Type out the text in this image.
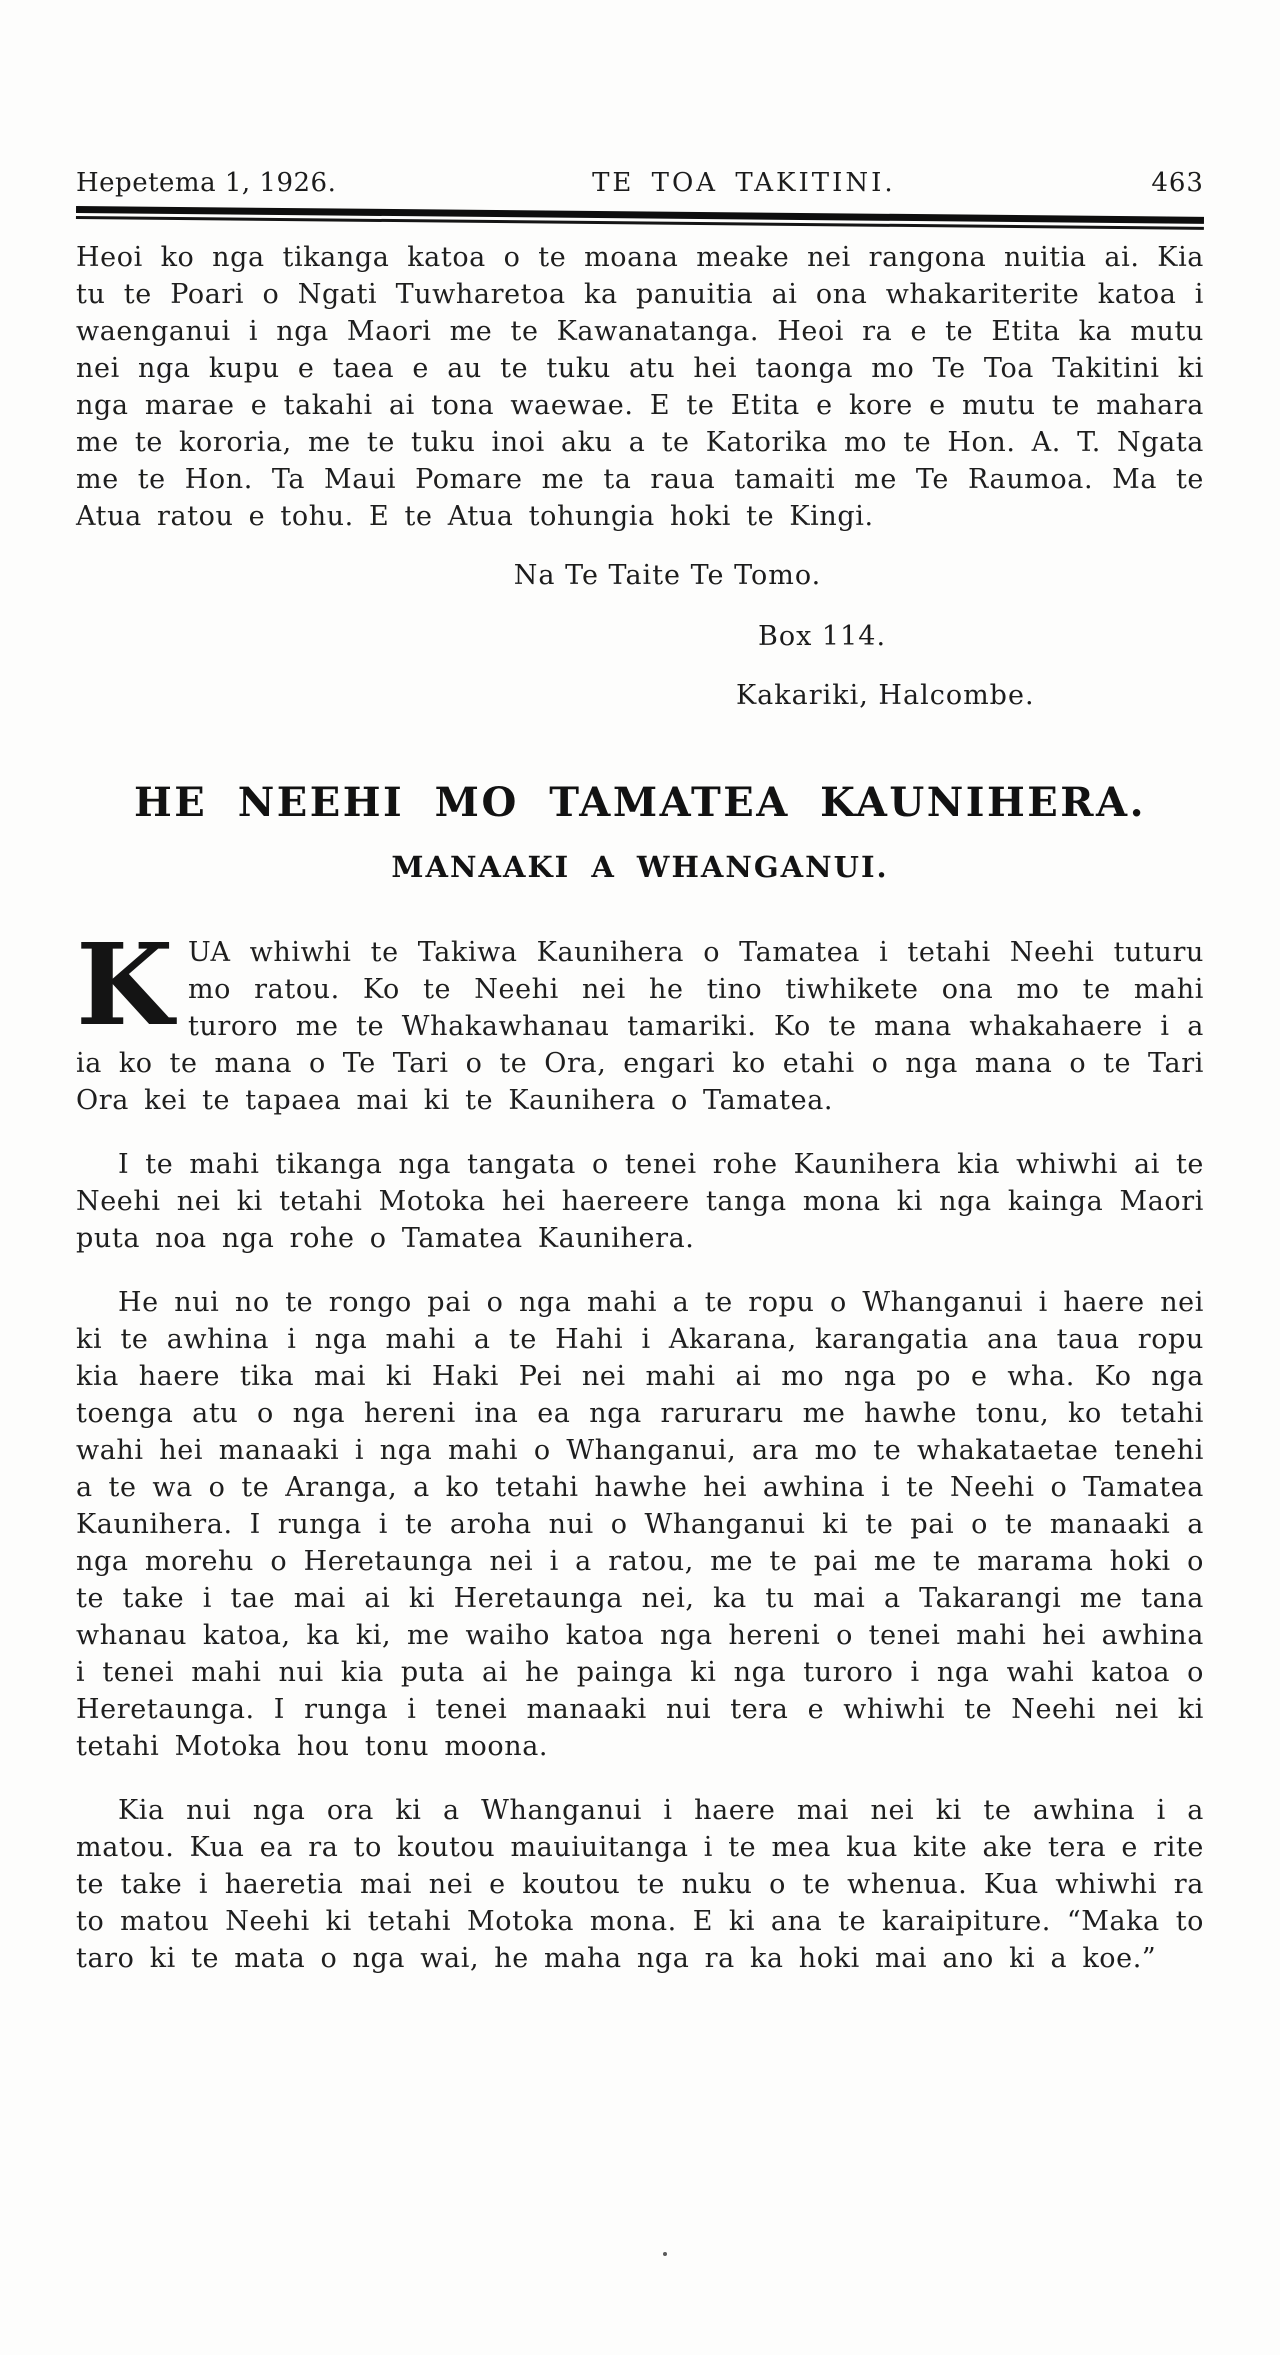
Hepetema 1, 1926.	TE TOA TAKITINI.	463

Heoi ko nga tikanga katoa o te moana meake nei rangona nuitia ai. Kia tu te Poari o Ngati Tuwharetoa ka panuitia ai ona whakariterite katoa i waenganui i nga Maori me te Kawanatanga. Heoi ra e te Etita ka mutu nei nga kupu e taea e au te tuku atu hei taonga mo Te Toa Takitini ki nga marae e takahi ai tona waewae. E te Etita e kore e mutu te mahara me te kororia, me te tuku inoi aku a te Katorika mo te Hon. A. T. Ngata me te Hon. Ta Maui Pomare me ta raua tamaiti me Te Raumoa. Ma te Atua ratou e tohu. E te Atua tohungia hoki te Kingi.

Na Te Taite Te Tomo.

Box 114.

Kakariki, Halcombe.

HE NEEHI MO TAMATEA KAUNIHERA.
MANAAKI A WHANGANUI.

KUA whiwhi te Takiwa Kaunihera o Tamatea i tetahi Neehi tuturu mo ratou. Ko te Neehi nei he tino tiwhikete ona mo te mahi turoro me te Whakawhanau tamariki. Ko te mana whakahaere i a ia ko te mana o Te Tari o te Ora, engari ko etahi o nga mana o te Tari Ora kei te tapaea mai ki te Kaunihera o Tamatea.

I te mahi tikanga nga tangata o tenei rohe Kaunihera kia whiwhi ai te Neehi nei ki tetahi Motoka hei haereere tanga mona ki nga kainga Maori puta noa nga rohe o Tamatea Kaunihera.

He nui no te rongo pai o nga mahi a te ropu o Whanganui i haere nei ki te awhina i nga mahi a te Hahi i Akarana, karangatia ana taua ropu kia haere tika mai ki Haki Pei nei mahi ai mo nga po e wha. Ko nga toenga atu o nga hereni ina ea nga raruraru me hawhe tonu, ko tetahi wahi hei manaaki i nga mahi o Whanganui, ara mo te whakataetae tenehi a te wa o te Aranga, a ko tetahi hawhe hei awhina i te Neehi o Tamatea Kaunihera. I runga i te aroha nui o Whanganui ki te pai o te manaaki a nga morehu o Heretaunga nei i a ratou, me te pai me te marama hoki o te take i tae mai ai ki Heretaunga nei, ka tu mai a Takarangi me tana whanau katoa, ka ki, me waiho katoa nga hereni o tenei mahi hei awhina i tenei mahi nui kia puta ai he painga ki nga turoro i nga wahi katoa o Heretaunga. I runga i tenei manaaki nui tera e whiwhi te Neehi nei ki tetahi Motoka hou tonu moona.

Kia nui nga ora ki a Whanganui i haere mai nei ki te awhina i a matou. Kua ea ra to koutou mauiuitanga i te mea kua kite ake tera e rite te take i haeretia mai nei e koutou te nuku o te whenua. Kua whiwhi ra to matou Neehi ki tetahi Motoka mona. E ki ana te karaipiture. “Maka to taro ki te mata o nga wai, he maha nga ra ka hoki mai ano ki a koe.”
